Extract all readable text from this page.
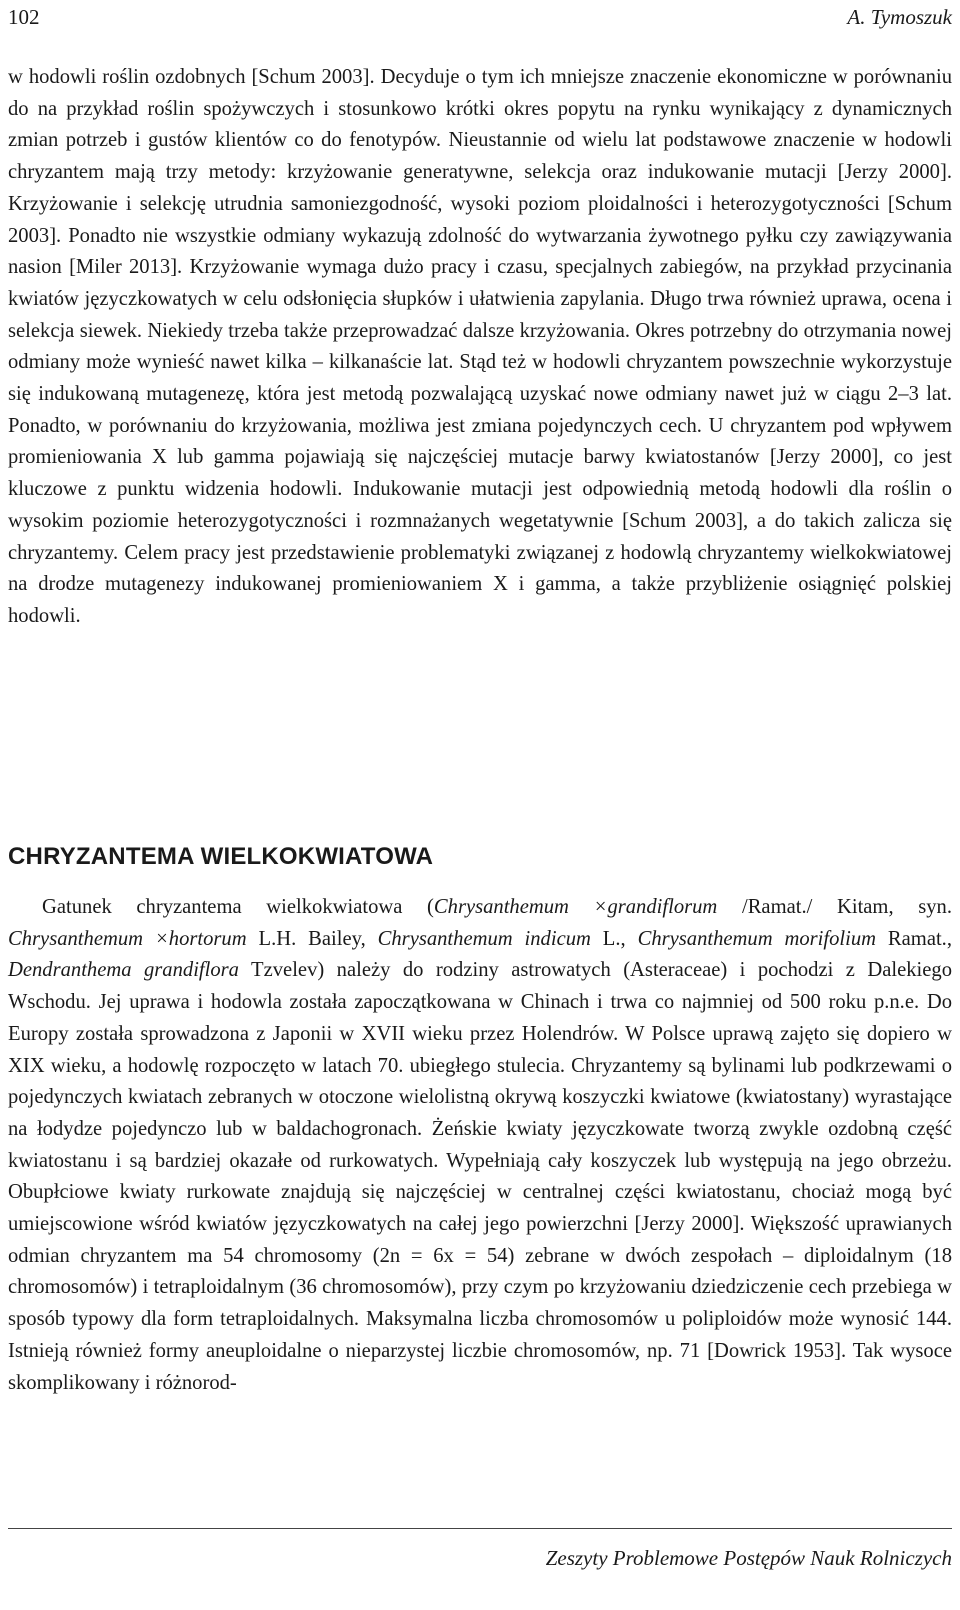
102	A. Tymoszuk

w hodowli roślin ozdobnych [Schum 2003]. Decyduje o tym ich mniejsze znaczenie ekonomiczne w porównaniu do na przykład roślin spożywczych i stosunkowo krótki okres popytu na rynku wynikający z dynamicznych zmian potrzeb i gustów klientów co do fenotypów. Nieustannie od wielu lat podstawowe znaczenie w hodowli chryzantem mają trzy metody: krzyżowanie generatywne, selekcja oraz indukowanie mutacji [Jerzy 2000]. Krzyżowanie i selekcję utrudnia samoniezgodność, wysoki poziom ploidalności i heterozygotyczności [Schum 2003]. Ponadto nie wszystkie odmiany wykazują zdolność do wytwarzania żywotnego pyłku czy zawiązywania nasion [Miler 2013]. Krzyżowanie wymaga dużo pracy i czasu, specjalnych zabiegów, na przykład przycinania kwiatów języczkowatych w celu odsłonięcia słupków i ułatwienia zapylania. Długo trwa również uprawa, ocena i selekcja siewek. Niekiedy trzeba także przeprowadzać dalsze krzyżowania. Okres potrzebny do otrzymania nowej odmiany może wynieść nawet kilka – kilkanaście lat. Stąd też w hodowli chryzantem powszechnie wykorzystuje się indukowaną mutagenezę, która jest metodą pozwalającą uzyskać nowe odmiany nawet już w ciągu 2–3 lat. Ponadto, w porównaniu do krzyżowania, możliwa jest zmiana pojedynczych cech. U chryzantem pod wpływem promieniowania X lub gamma pojawiają się najczęściej mutacje barwy kwiatostanów [Jerzy 2000], co jest kluczowe z punktu widzenia hodowli. Indukowanie mutacji jest odpowiednią metodą hodowli dla roślin o wysokim poziomie heterozygotyczności i rozmnażanych wegetatywnie [Schum 2003], a do takich zalicza się chryzantemy. Celem pracy jest przedstawienie problematyki związanej z hodowlą chryzantemy wielkokwiatowej na drodze mutagenezy indukowanej promieniowaniem X i gamma, a także przybliżenie osiągnięć polskiej hodowli.

CHRYZANTEMA WIELKOKWIATOWA

Gatunek chryzantema wielkokwiatowa (Chrysanthemum ×grandiflorum /Ramat./ Kitam, syn. Chrysanthemum ×hortorum L.H. Bailey, Chrysanthemum indicum L., Chrysanthemum morifolium Ramat., Dendranthema grandiflora Tzvelev) należy do rodziny astrowatych (Asteraceae) i pochodzi z Dalekiego Wschodu. Jej uprawa i hodowla została zapoczątkowana w Chinach i trwa co najmniej od 500 roku p.n.e. Do Europy została sprowadzona z Japonii w XVII wieku przez Holendrów. W Polsce uprawą zajęto się dopiero w XIX wieku, a hodowlę rozpoczęto w latach 70. ubiegłego stulecia. Chryzantemy są bylinami lub podkrzewami o pojedynczych kwiatach zebranych w otoczone wielolistną okrywą koszyczki kwiatowe (kwiatostany) wyrastające na łodydze pojedynczo lub w baldachogronach. Żeńskie kwiaty języczkowate tworzą zwykle ozdobną część kwiatostanu i są bardziej okazałe od rurkowatych. Wypełniają cały koszyczek lub występują na jego obrzeżu. Obupłciowe kwiaty rurkowate znajdują się najczęściej w centralnej części kwiatostanu, chociaż mogą być umiejscowione wśród kwiatów języczkowatych na całej jego powierzchni [Jerzy 2000]. Większość uprawianych odmian chryzantem ma 54 chromosomy (2n = 6x = 54) zebrane w dwóch zespołach – diploidalnym (18 chromosomów) i tetraploidalnym (36 chromosomów), przy czym po krzyżowaniu dziedziczenie cech przebiega w sposób typowy dla form tetraploidalnych. Maksymalna liczba chromosomów u poliploidów może wynosić 144. Istnieją również formy aneuploidalne o nieparzystej liczbie chromosomów, np. 71 [Dowrick 1953]. Tak wysoce skomplikowany i różnorod-

Zeszyty Problemowe Postępów Nauk Rolniczych
